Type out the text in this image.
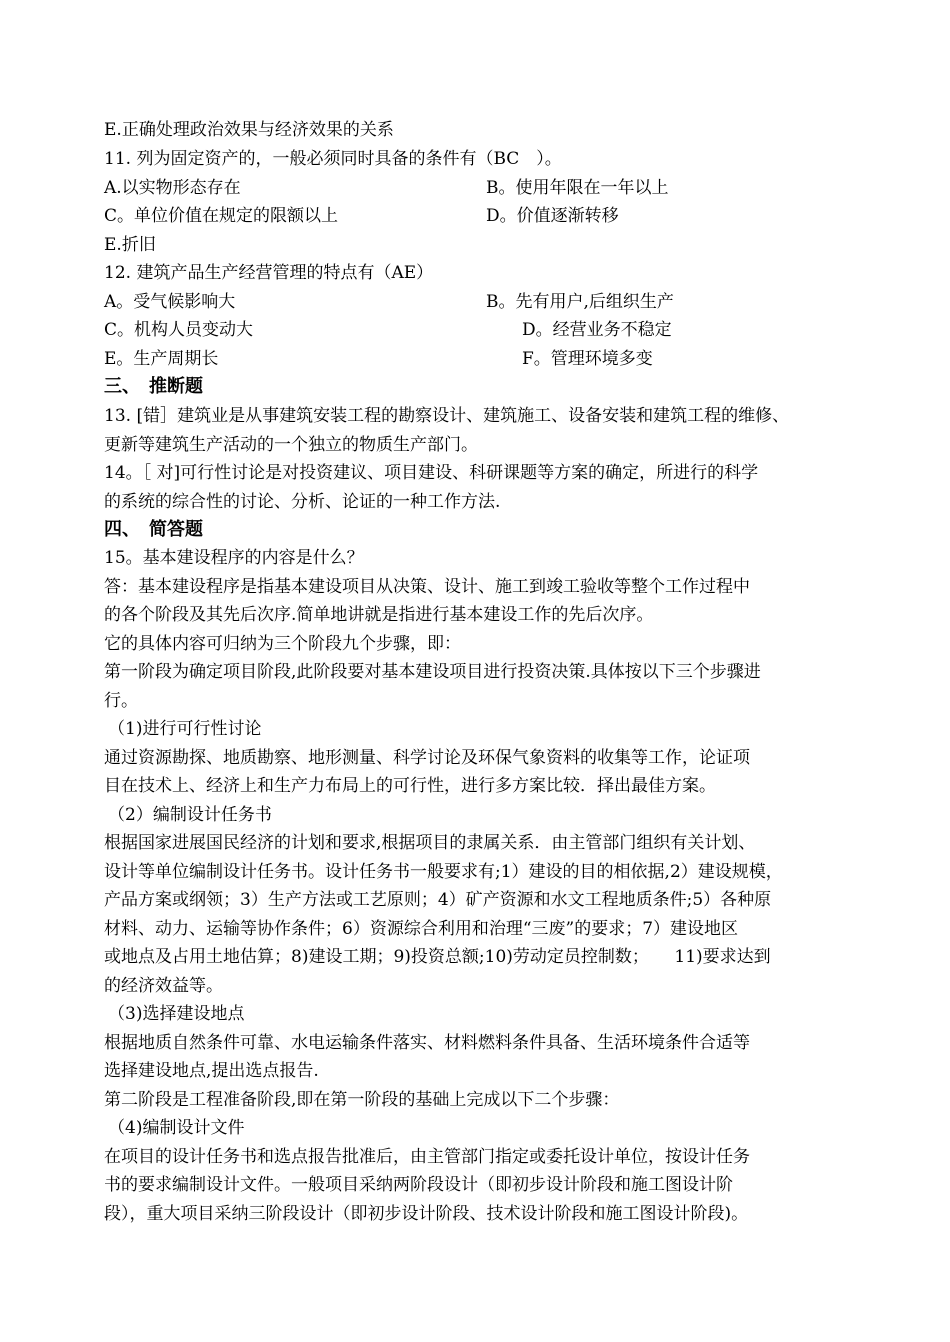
E.正确处理政治效果与经济效果的关系
11. 列为固定资产的，一般必须同时具备的条件有（BC　）。
A.以实物形态存在	B。使用年限在一年以上
C。单位价值在规定的限额以上	D。价值逐渐转移
E.折旧
12. 建筑产品生产经营管理的特点有（AE）
A。受气候影响大	B。先有用户,后组织生产
C。机构人员变动大	D。经营业务不稳定
E。生产周期长	F。管理环境多变
三、　推断题
13. [错］建筑业是从事建筑安装工程的勘察设计、建筑施工、设备安装和建筑工程的维修、
更新等建筑生产活动的一个独立的物质生产部门。
14。［ 对]可行性讨论是对投资建议、项目建设、科研课题等方案的确定，所进行的科学
的系统的综合性的讨论、分析、论证的一种工作方法.
四、　简答题
15。基本建设程序的内容是什么？
答：基本建设程序是指基本建设项目从决策、设计、施工到竣工验收等整个工作过程中
的各个阶段及其先后次序.简单地讲就是指进行基本建设工作的先后次序。
它的具体内容可归纳为三个阶段九个步骤，即：
第一阶段为确定项目阶段,此阶段要对基本建设项目进行投资决策.具体按以下三个步骤进
行。
（1)进行可行性讨论
通过资源勘探、地质勘察、地形测量、科学讨论及环保气象资料的收集等工作，论证项
目在技术上、经济上和生产力布局上的可行性，进行多方案比较．择出最佳方案。
（2）编制设计任务书
根据国家进展国民经济的计划和要求,根据项目的隶属关系．由主管部门组织有关计划、
设计等单位编制设计任务书。设计任务书一般要求有;1）建设的目的相依据,2）建设规模，
产品方案或纲领；3）生产方法或工艺原则；4）矿产资源和水文工程地质条件;5）各种原
材料、动力、运输等协作条件；6）资源综合利用和治理“三废”的要求；7）建设地区
或地点及占用土地估算；8)建设工期；9)投资总额;10)劳动定员控制数；　　11)要求达到
的经济效益等。
（3)选择建设地点
根据地质自然条件可靠、水电运输条件落实、材料燃料条件具备、生活环境条件合适等
选择建设地点,提出选点报告.
第二阶段是工程准备阶段,即在第一阶段的基础上完成以下二个步骤：
（4)编制设计文件
在项目的设计任务书和选点报告批准后，由主管部门指定或委托设计单位，按设计任务
书的要求编制设计文件。一般项目采纳两阶段设计（即初步设计阶段和施工图设计阶
段），重大项目采纳三阶段设计（即初步设计阶段、技术设计阶段和施工图设计阶段)。
